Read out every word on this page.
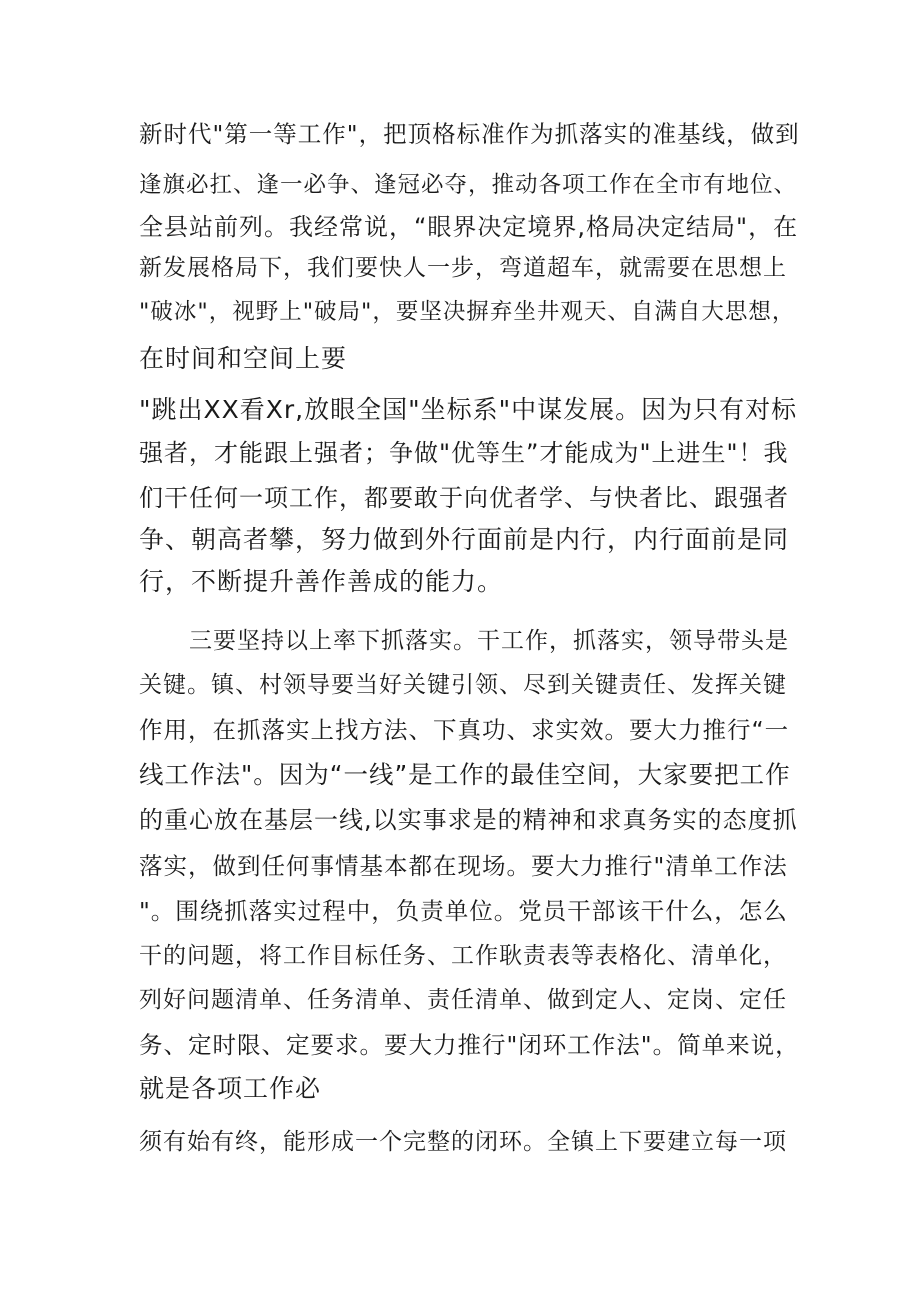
新时代"第一等工作"，把顶格标准作为抓落实的准基线，做到
逢旗必扛、逢一必争、逢冠必夺，推动各项工作在全市有地位、
全县站前列。我经常说，“眼界决定境界,格局决定结局"，在
新发展格局下，我们要快人一步，弯道超车，就需要在思想上
"破冰"，视野上"破局"，要坚决摒弃坐井观天、自满自大思想，
在时间和空间上要
"跳出XX看Xr,放眼全国"坐标系"中谋发展。因为只有对标
强者，才能跟上强者；争做"优等生”才能成为"上进生"！我
们干任何一项工作，都要敢于向优者学、与快者比、跟强者
争、朝高者攀，努力做到外行面前是内行，内行面前是同
行，不断提升善作善成的能力。
三要坚持以上率下抓落实。干工作，抓落实，领导带头是
关键。镇、村领导要当好关键引领、尽到关键责任、发挥关键
作用，在抓落实上找方法、下真功、求实效。要大力推行“一
线工作法"。因为“一线”是工作的最佳空间，大家要把工作
的重心放在基层一线,以实事求是的精神和求真务实的态度抓
落实，做到任何事情基本都在现场。要大力推行"清单工作法
"。围绕抓落实过程中，负责单位。党员干部该干什么，怎么
干的问题，将工作目标任务、工作耿责表等表格化、清单化，
列好问题清单、任务清单、责任清单、做到定人、定岗、定任
务、定时限、定要求。要大力推行"闭环工作法"。简单来说，
就是各项工作必
须有始有终，能形成一个完整的闭环。全镇上下要建立每一项
